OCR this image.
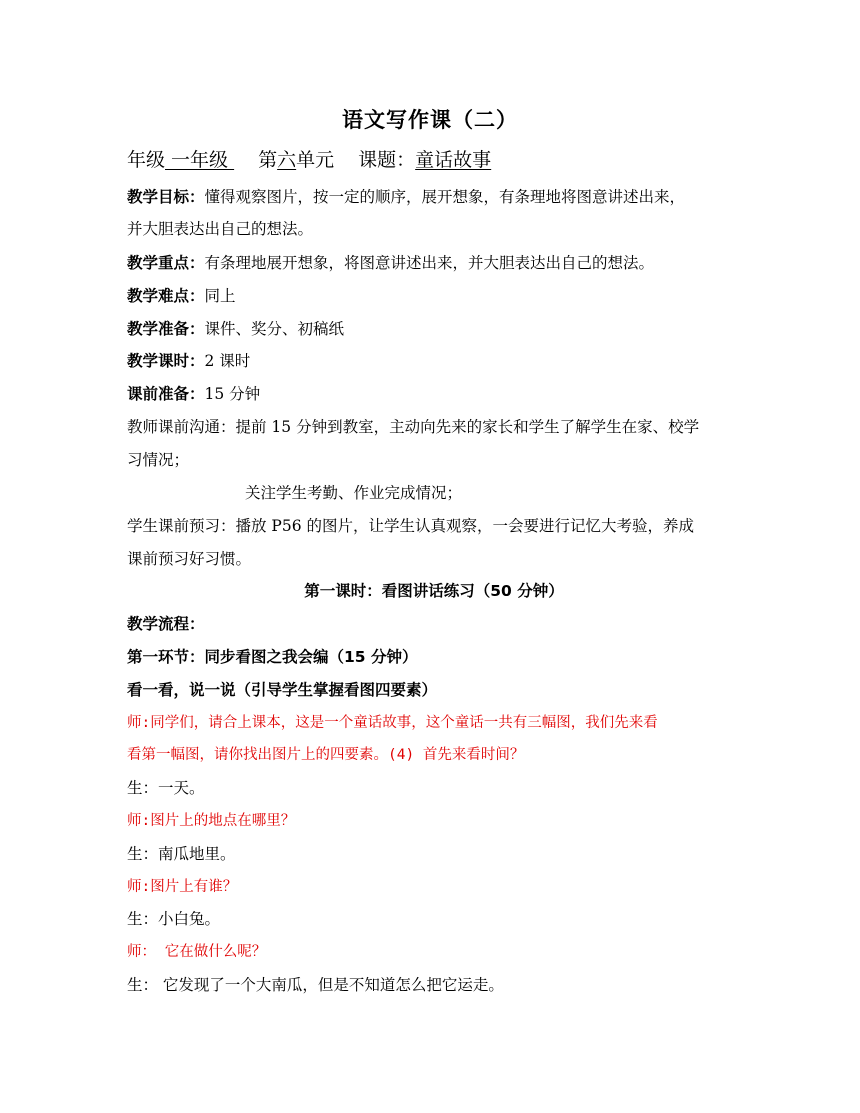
语文写作课（二）
年级 一年级 第六单元 课题：童话故事
教学目标：懂得观察图片，按一定的顺序，展开想象，有条理地将图意讲述出来，
并大胆表达出自己的想法。
教学重点：有条理地展开想象，将图意讲述出来，并大胆表达出自己的想法。
教学难点：同上
教学准备：课件、奖分、初稿纸
教学课时：2 课时
课前准备：15 分钟
教师课前沟通：提前 15 分钟到教室，主动向先来的家长和学生了解学生在家、校学
习情况；
关注学生考勤、作业完成情况；
学生课前预习：播放 P56 的图片，让学生认真观察，一会要进行记忆大考验，养成
课前预习好习惯。
第一课时：看图讲话练习（50 分钟）
教学流程：
第一环节：同步看图之我会编（15 分钟）
看一看，说一说（引导学生掌握看图四要素）
师:同学们，请合上课本，这是一个童话故事，这个童话一共有三幅图，我们先来看
看第一幅图，请你找出图片上的四要素。(4) 首先来看时间？
生：一天。
师:图片上的地点在哪里？
生：南瓜地里。
师:图片上有谁？
生：小白兔。
师： 它在做什么呢？
生： 它发现了一个大南瓜，但是不知道怎么把它运走。
